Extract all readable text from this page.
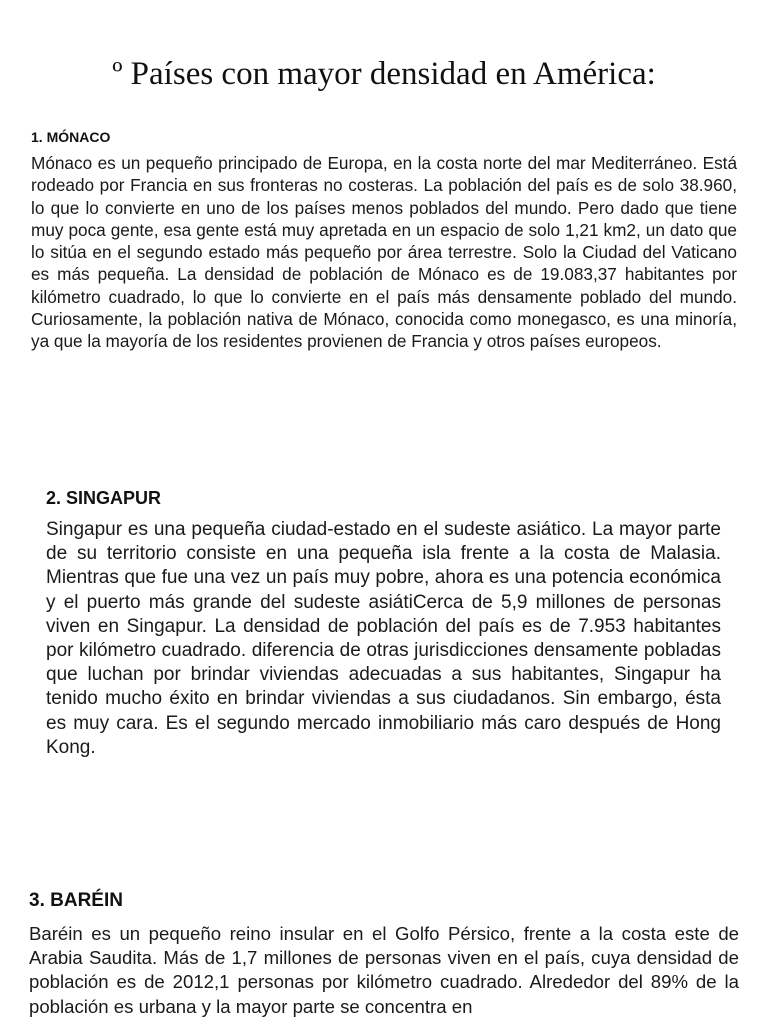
º Países con mayor densidad en América:
1. MÓNACO

Mónaco es un pequeño principado de Europa, en la costa norte del mar Mediterráneo. Está rodeado por Francia en sus fronteras no costeras. La población del país es de solo 38.960, lo que lo convierte en uno de los países menos poblados del mundo. Pero dado que tiene muy poca gente, esa gente está muy apretada en un espacio de solo 1,21 km2, un dato que lo sitúa en el segundo estado más pequeño por área terrestre. Solo la Ciudad del Vaticano es más pequeña. La densidad de población de Mónaco es de 19.083,37 habitantes por kilómetro cuadrado, lo que lo convierte en el país más densamente poblado del mundo. Curiosamente, la población nativa de Mónaco, conocida como monegasco, es una minoría, ya que la mayoría de los residentes provienen de Francia y otros países europeos.

2. SINGAPUR

Singapur es una pequeña ciudad-estado en el sudeste asiático. La mayor parte de su territorio consiste en una pequeña isla frente a la costa de Malasia. Mientras que fue una vez un país muy pobre, ahora es una potencia económica y el puerto más grande del sudeste asiátiCerca de 5,9 millones de personas viven en Singapur. La densidad de población del país es de 7.953 habitantes por kilómetro cuadrado. diferencia de otras jurisdicciones densamente pobladas que luchan por brindar viviendas adecuadas a sus habitantes, Singapur ha tenido mucho éxito en brindar viviendas a sus ciudadanos. Sin embargo, ésta es muy cara. Es el segundo mercado inmobiliario más caro después de Hong Kong.

3. BARÉIN

Baréin es un pequeño reino insular en el Golfo Pérsico, frente a la costa este de Arabia Saudita. Más de 1,7 millones de personas viven en el país, cuya densidad de población es de 2012,1 personas por kilómetro cuadrado. Alrededor del 89% de la población es urbana y la mayor parte se concentra en
